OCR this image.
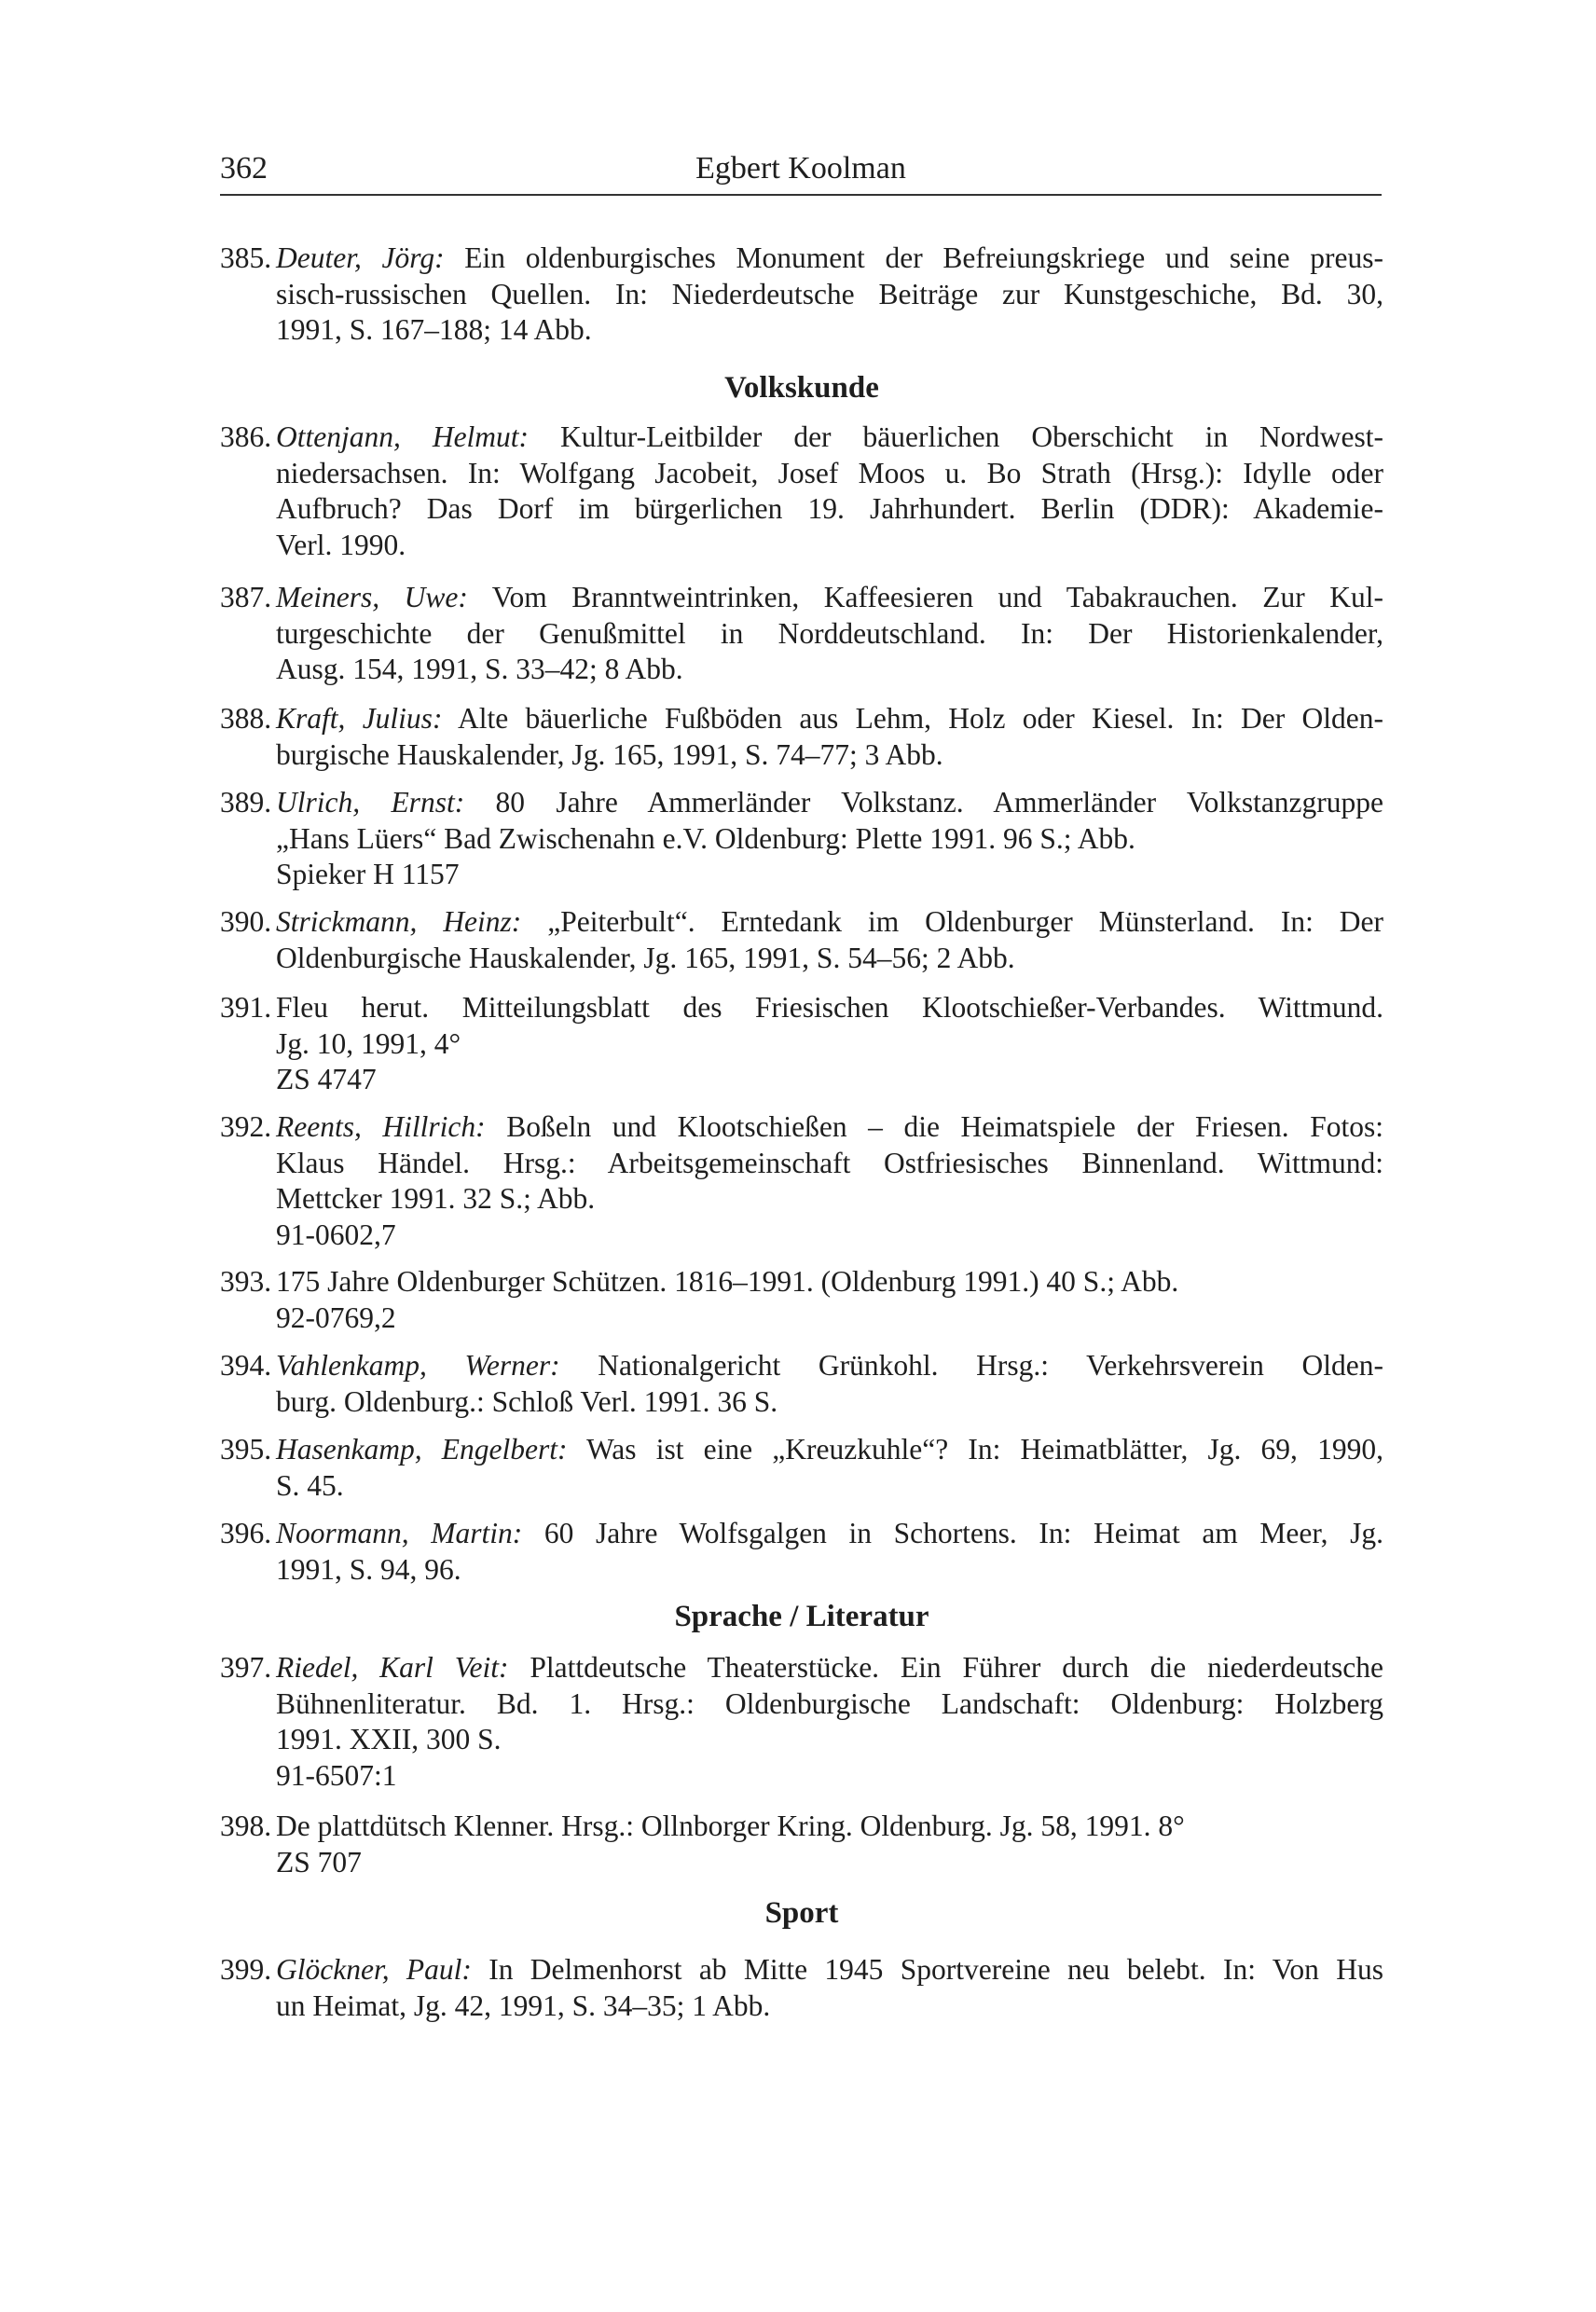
362	Egbert Koolman
385. Deuter, Jörg: Ein oldenburgisches Monument der Befreiungskriege und seine preus-
sisch-russischen Quellen. In: Niederdeutsche Beiträge zur Kunstgeschiche, Bd. 30,
1991, S. 167–188; 14 Abb.
Volkskunde
386. Ottenjann, Helmut: Kultur-Leitbilder der bäuerlichen Oberschicht in Nordwest-
niedersachsen. In: Wolfgang Jacobeit, Josef Moos u. Bo Strath (Hrsg.): Idylle oder
Aufbruch? Das Dorf im bürgerlichen 19. Jahrhundert. Berlin (DDR): Akademie-
Verl. 1990.
387. Meiners, Uwe: Vom Branntweintrinken, Kaffeesieren und Tabakrauchen. Zur Kul-
turgeschichte der Genußmittel in Norddeutschland. In: Der Historienkalender,
Ausg. 154, 1991, S. 33–42; 8 Abb.
388. Kraft, Julius: Alte bäuerliche Fußböden aus Lehm, Holz oder Kiesel. In: Der Olden-
burgische Hauskalender, Jg. 165, 1991, S. 74–77; 3 Abb.
389. Ulrich, Ernst: 80 Jahre Ammerländer Volkstanz. Ammerländer Volkstanzgruppe
„Hans Lüers“ Bad Zwischenahn e.V. Oldenburg: Plette 1991. 96 S.; Abb.
Spieker H 1157
390. Strickmann, Heinz: „Peiterbult“. Erntedank im Oldenburger Münsterland. In: Der
Oldenburgische Hauskalender, Jg. 165, 1991, S. 54–56; 2 Abb.
391. Fleu herut. Mitteilungsblatt des Friesischen Klootschießer-Verbandes. Wittmund.
Jg. 10, 1991, 4°
ZS 4747
392. Reents, Hillrich: Boßeln und Klootschießen – die Heimatspiele der Friesen. Fotos:
Klaus Händel. Hrsg.: Arbeitsgemeinschaft Ostfriesisches Binnenland. Wittmund:
Mettcker 1991. 32 S.; Abb.
91-0602,7
393. 175 Jahre Oldenburger Schützen. 1816–1991. (Oldenburg 1991.) 40 S.; Abb.
92-0769,2
394. Vahlenkamp, Werner: Nationalgericht Grünkohl. Hrsg.: Verkehrsverein Olden-
burg. Oldenburg.: Schloß Verl. 1991. 36 S.
395. Hasenkamp, Engelbert: Was ist eine „Kreuzkuhle“? In: Heimatblätter, Jg. 69, 1990,
S. 45.
396. Noormann, Martin: 60 Jahre Wolfsgalgen in Schortens. In: Heimat am Meer, Jg.
1991, S. 94, 96.
Sprache / Literatur
397. Riedel, Karl Veit: Plattdeutsche Theaterstücke. Ein Führer durch die niederdeutsche
Bühnenliteratur. Bd. 1. Hrsg.: Oldenburgische Landschaft: Oldenburg: Holzberg
1991. XXII, 300 S.
91-6507:1
398. De plattdütsch Klenner. Hrsg.: Ollnborger Kring. Oldenburg. Jg. 58, 1991. 8°
ZS 707
Sport
399. Glöckner, Paul: In Delmenhorst ab Mitte 1945 Sportvereine neu belebt. In: Von Hus
un Heimat, Jg. 42, 1991, S. 34–35; 1 Abb.
